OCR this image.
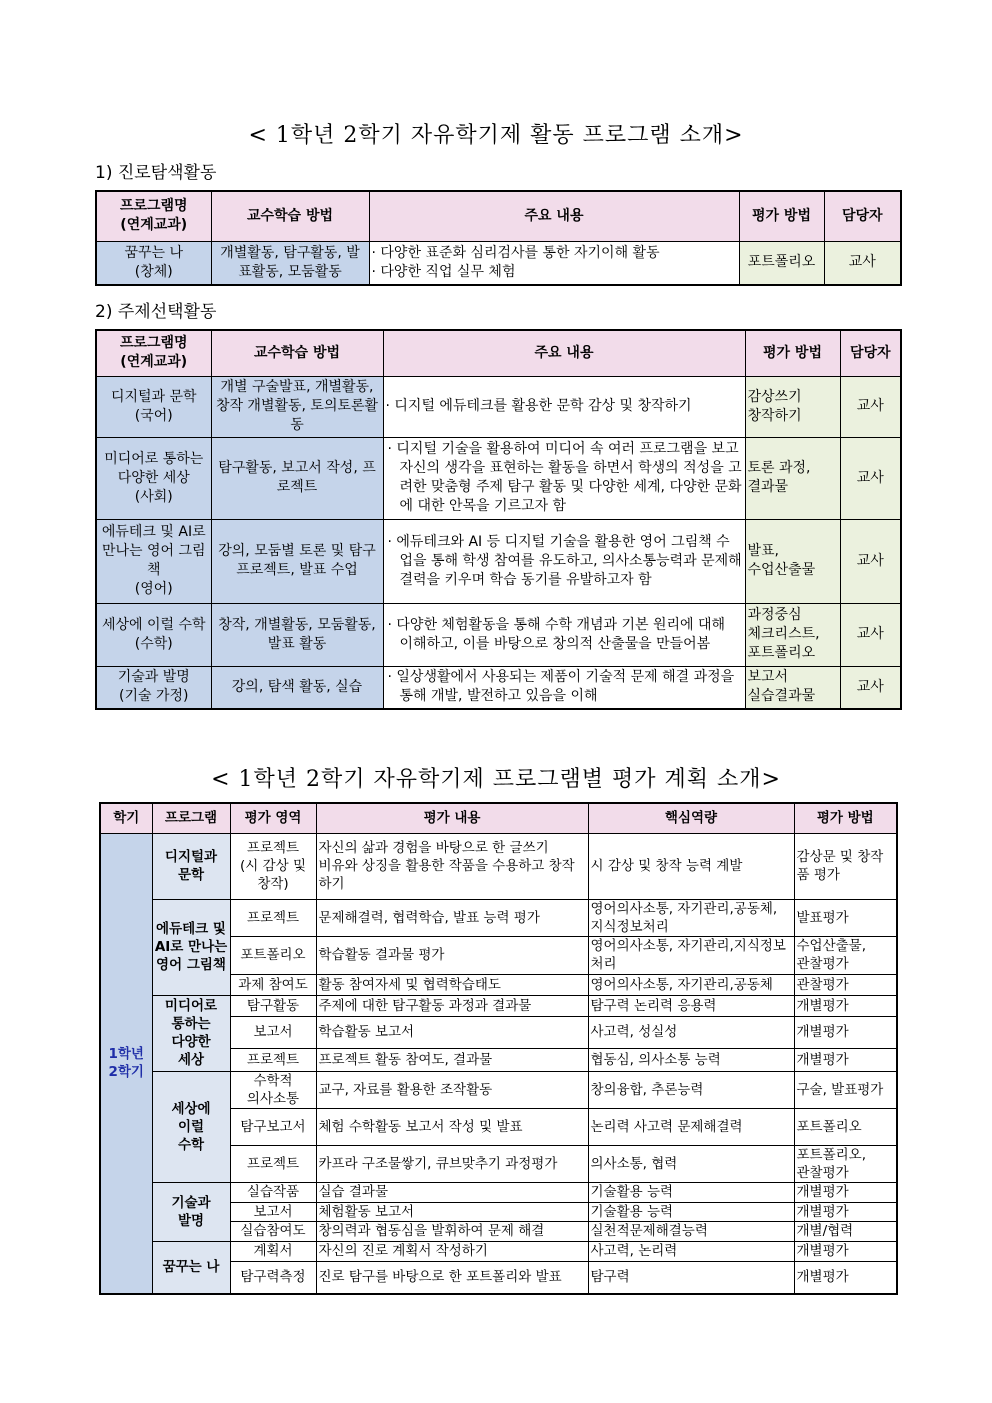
< 1학년 2학기 자유학기제 활동 프로그램 소개>
1) 진로탐색활동
프로그램명
(연계교과)	교수학습 방법	주요 내용	평가 방법	담당자
꿈꾸는 나
(창체)	개별활동, 탐구활동, 발표활동, 모둠활동	· 다양한 표준화 심리검사를 통한 자기이해 활동
· 다양한 직업 실무 체험	포트폴리오	교사
2) 주제선택활동
프로그램명
(연계교과)	교수학습 방법	주요 내용	평가 방법	담당자
디지털과 문학
(국어)	개별 구술발표, 개별활동, 창작 개별활동, 토의토론활동	· 디지털 에듀테크를 활용한 문학 감상 및 창작하기	감상쓰기
창작하기	교사
미디어로 통하는 다양한 세상
(사회)	탐구활동, 보고서 작성, 프로젝트	· 디지털 기술을 활용하여 미디어 속 여러 프로그램을 보고 자신의 생각을 표현하는 활동을 하면서 학생의 적성을 고려한 맞춤형 주제 탐구 활동 및 다양한 세계, 다양한 문화에 대한 안목을 기르고자 함	토론 과정,
결과물	교사
에듀테크 및 AI로 만나는 영어 그림책
(영어)	강의, 모둠별 토론 및 탐구 프로젝트, 발표 수업	· 에듀테크와 AI 등 디지털 기술을 활용한 영어 그림책 수업을 통해 학생 참여를 유도하고, 의사소통능력과 문제해결력을 키우며 학습 동기를 유발하고자 함	발표,
수업산출물	교사
세상에 이럴 수학
(수학)	창작, 개별활동, 모둠활동, 발표 활동	· 다양한 체험활동을 통해 수학 개념과 기본 원리에 대해 이해하고, 이를 바탕으로 창의적 산출물을 만들어봄	과정중심
체크리스트,
포트폴리오	교사
기술과 발명
(기술 가정)	강의, 탐색 활동, 실습	· 일상생활에서 사용되는 제품이 기술적 문제 해결 과정을 통해 개발, 발전하고 있음을 이해	보고서
실습결과물	교사
< 1학년 2학기 자유학기제 프로그램별 평가 계획 소개>
학기	프로그램	평가 영역	평가 내용	핵심역량	평가 방법
1학년
2학기	디지털과
문학	프로젝트
(시 감상 및
창작)	자신의 삶과 경험을 바탕으로 한 글쓰기
비유와 상징을 활용한 작품을 수용하고 창작하기	시 감상 및 창작 능력 계발	감상문 및 창작품 평가
	에듀테크 및
AI로 만나는
영어 그림책	프로젝트	문제해결력, 협력학습, 발표 능력 평가	영어의사소통, 자기관리,공동체, 지식정보처리	발표평가
		포트폴리오	학습활동 결과물 평가	영어의사소통, 자기관리,지식정보처리	수업산출물,
관찰평가
		과제 참여도	활동 참여자세 및 협력학습태도	영어의사소통, 자기관리,공동체	관찰평가
	미디어로
통하는
다양한
세상	탐구활동	주제에 대한 탐구활동 과정과 결과물	탐구력 논리력 응용력	개별평가
		보고서	학습활동 보고서	사고력, 성실성	개별평가
		프로젝트	프로젝트 활동 참여도, 결과물	협동심, 의사소통 능력	개별평가
	세상에
이럴
수학	수학적
의사소통	교구, 자료를 활용한 조작활동	창의융합, 추론능력	구술, 발표평가
		탐구보고서	체험 수학활동 보고서 작성 및 발표	논리력 사고력 문제해결력	포트폴리오
		프로젝트	카프라 구조물쌓기, 큐브맞추기 과정평가	의사소통, 협력	포트폴리오,
관찰평가
	기술과
발명	실습작품	실습 결과물	기술활용 능력	개별평가
		보고서	체험활동 보고서	기술활용 능력	개별평가
		실습참여도	창의력과 협동심을 발휘하여 문제 해결	실천적문제해결능력	개별/협력
	꿈꾸는 나	계획서	자신의 진로 계획서 작성하기	사고력, 논리력	개별평가
		탐구력측정	진로 탐구를 바탕으로 한 포트폴리와 발표	탐구력	개별평가
